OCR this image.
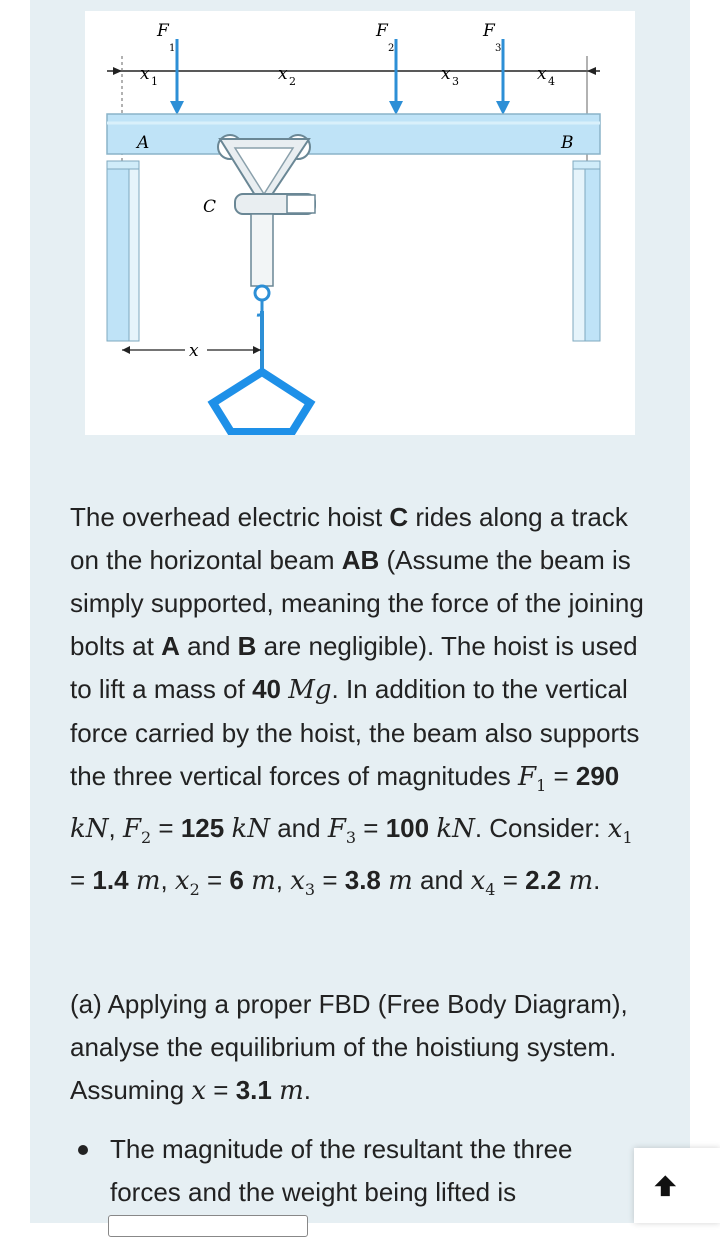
x 1	x 2	x 3	x 4
F
1
F
2
F
3
A	B
C
x
The overhead electric hoist C rides along a track on the horizontal beam AB (Assume the beam is simply supported, meaning the force of the joining bolts at A and B are negligible). The hoist is used to lift a mass of 40 Mg. In addition to the vertical force carried by the hoist, the beam also supports the three vertical forces of magnitudes $F_1 = 290$ kN, $F_2 = 125$ kN and $F_3 = 100$ kN. Consider: $x_1 = 1.4$ m, $x_2 = 6$ m, $x_3 = 3.8$ m and $x_4 = 2.2$ m.
(a) Applying a proper FBD (Free Body Diagram), analyse the equilibrium of the hoistiung system. Assuming x = 3.1 m.
The magnitude of the resultant the three forces and the weight being lifted is
